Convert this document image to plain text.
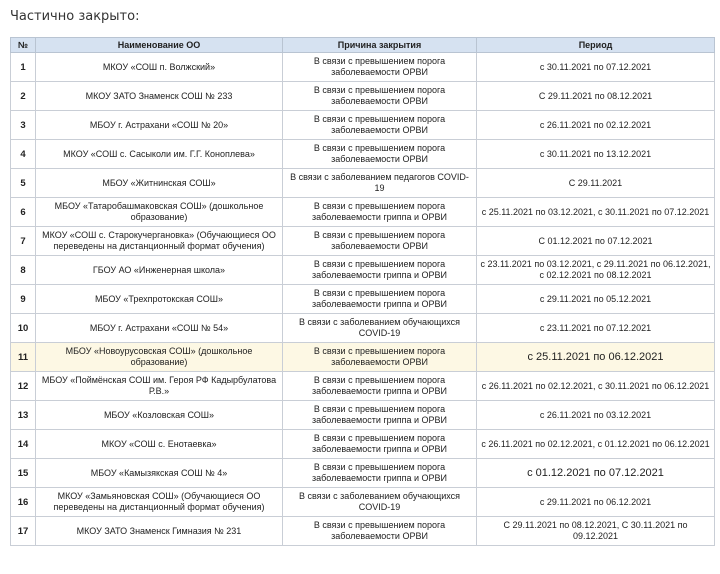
Частично закрыто:
№	Наименование ОО	Причина закрытия	Период
1	МКОУ «СОШ п. Волжский»	В связи с превышением порога заболеваемости ОРВИ	с 30.11.2021 по 07.12.2021
2	МКОУ ЗАТО Знаменск СОШ № 233	В связи с превышением порога заболеваемости ОРВИ	С 29.11.2021 по 08.12.2021
3	МБОУ г. Астрахани «СОШ № 20»	В связи с превышением порога заболеваемости ОРВИ	с 26.11.2021 по 02.12.2021
4	МКОУ «СОШ с. Сасыколи им. Г.Г. Коноплева»	В связи с превышением порога заболеваемости ОРВИ	с 30.11.2021 по 13.12.2021
5	МБОУ «Житнинская СОШ»	В связи с заболеванием педагогов COVID-19	С 29.11.2021
6	МБОУ «Татаробашмаковская СОШ» (дошкольное образование)	В связи с превышением порога заболеваемости гриппа и ОРВИ	с 25.11.2021 по 03.12.2021, с 30.11.2021 по 07.12.2021
7	МКОУ «СОШ с. Старокучергановка» (Обучающиеся ОО переведены на дистанционный формат обучения)	В связи с превышением порога заболеваемости ОРВИ	С 01.12.2021 по 07.12.2021
8	ГБОУ АО «Инженерная школа»	В связи с превышением порога заболеваемости гриппа и ОРВИ	с 23.11.2021 по 03.12.2021, с 29.11.2021 по 06.12.2021, с 02.12.2021 по 08.12.2021
9	МБОУ «Трехпротокская СОШ»	В связи с превышением порога заболеваемости гриппа и ОРВИ	с 29.11.2021 по 05.12.2021
10	МБОУ г. Астрахани «СОШ № 54»	В связи с заболеванием обучающихся COVID-19	с 23.11.2021 по 07.12.2021
11	МБОУ «Новоурусовская СОШ» (дошкольное образование)	В связи с превышением порога заболеваемости ОРВИ	с 25.11.2021 по 06.12.2021
12	МБОУ «Поймёнская СОШ им. Героя РФ Кадырбулатова Р.В.»	В связи с превышением порога заболеваемости гриппа и ОРВИ	с 26.11.2021 по 02.12.2021, с 30.11.2021 по 06.12.2021
13	МБОУ «Козловская СОШ»	В связи с превышением порога заболеваемости гриппа и ОРВИ	с 26.11.2021 по 03.12.2021
14	МКОУ «СОШ с. Енотаевка»	В связи с превышением порога заболеваемости гриппа и ОРВИ	с 26.11.2021 по 02.12.2021, с 01.12.2021 по 06.12.2021
15	МБОУ «Камызякская СОШ № 4»	В связи с превышением порога заболеваемости гриппа и ОРВИ	с 01.12.2021 по 07.12.2021
16	МКОУ «Замьяновская СОШ» (Обучающиеся ОО переведены на дистанционный формат обучения)	В связи с заболеванием обучающихся COVID-19	с 29.11.2021 по 06.12.2021
17	МКОУ ЗАТО Знаменск Гимназия № 231	В связи с превышением порога заболеваемости ОРВИ	С 29.11.2021 по 08.12.2021, С 30.11.2021 по 09.12.2021
